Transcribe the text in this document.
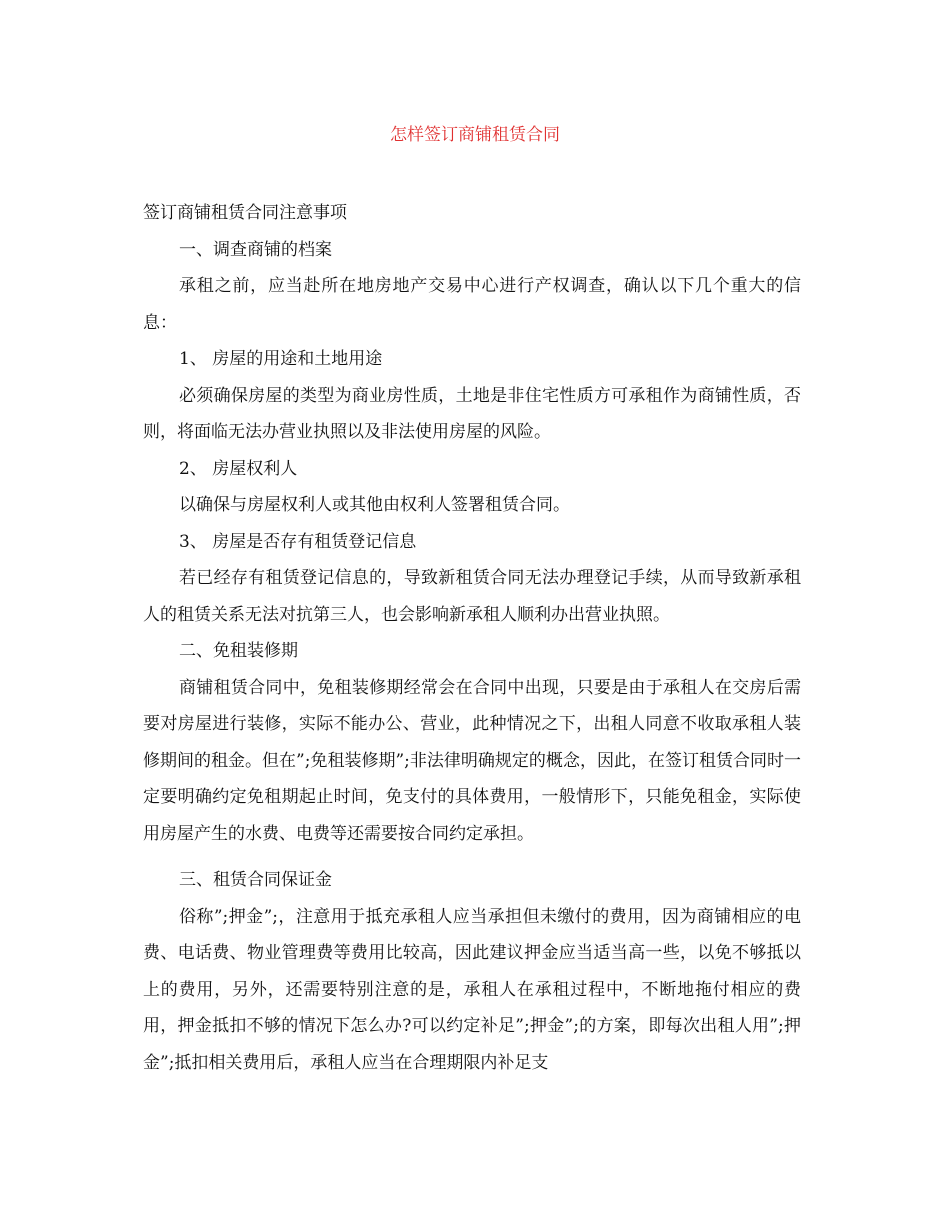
怎样签订商铺租赁合同

签订商铺租赁合同注意事项

一、调查商铺的档案

承租之前，应当赴所在地房地产交易中心进行产权调查，确认以下几个重大的信息：

1、 房屋的用途和土地用途

必须确保房屋的类型为商业房性质，土地是非住宅性质方可承租作为商铺性质，否则，将面临无法办营业执照以及非法使用房屋的风险。

2、 房屋权利人

以确保与房屋权利人或其他由权利人签署租赁合同。

3、 房屋是否存有租赁登记信息

若已经存有租赁登记信息的，导致新租赁合同无法办理登记手续，从而导致新承租人的租赁关系无法对抗第三人，也会影响新承租人顺利办出营业执照。

二、免租装修期

商铺租赁合同中，免租装修期经常会在合同中出现，只要是由于承租人在交房后需要对房屋进行装修，实际不能办公、营业，此种情况之下，出租人同意不收取承租人装修期间的租金。但在”;免租装修期”;非法律明确规定的概念，因此，在签订租赁合同时一定要明确约定免租期起止时间，免支付的具体费用，一般情形下，只能免租金，实际使用房屋产生的水费、电费等还需要按合同约定承担。

三、租赁合同保证金

俗称”;押金”;，注意用于抵充承租人应当承担但未缴付的费用，因为商铺相应的电费、电话费、物业管理费等费用比较高，因此建议押金应当适当高一些，以免不够抵以上的费用，另外，还需要特别注意的是，承租人在承租过程中，不断地拖付相应的费用，押金抵扣不够的情况下怎么办?可以约定补足”;押金”;的方案，即每次出租人用”;押金”;抵扣相关费用后，承租人应当在合理期限内补足支
